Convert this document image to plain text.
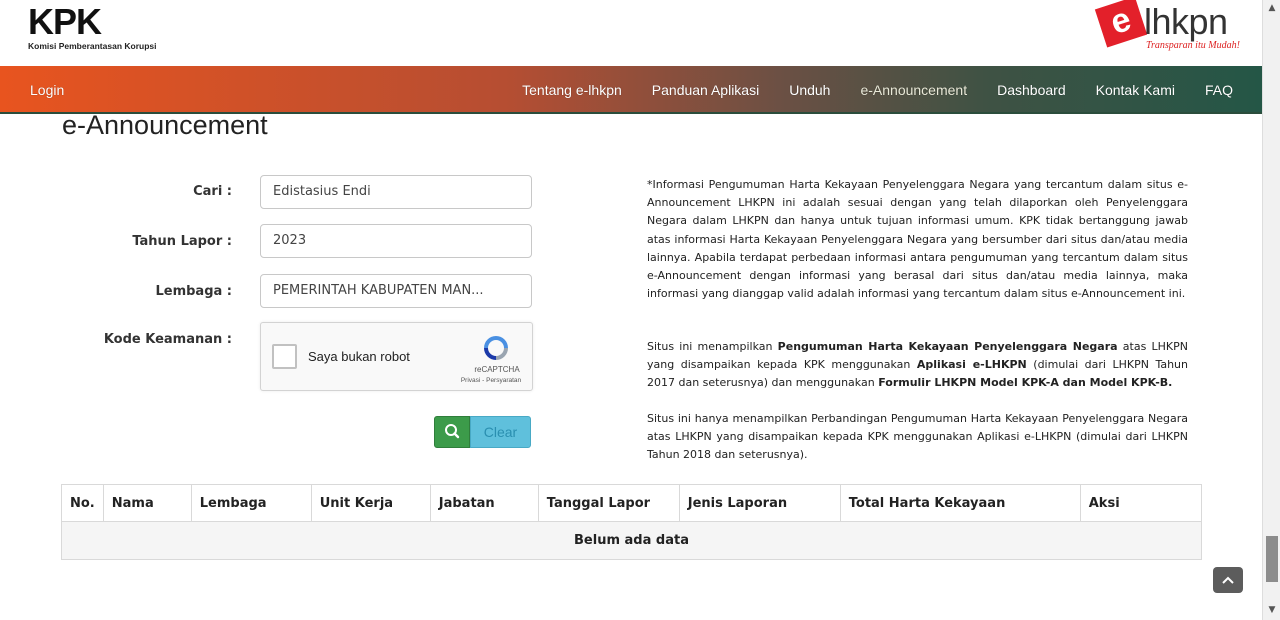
KPK
Komisi Pemberantasan Korupsi
e lhkpn
Transparan itu Mudah!
Login	Tentang e-lhkpn	Panduan Aplikasi	Unduh	e-Announcement	Dashboard	Kontak Kami	FAQ
e-Announcement
Cari :	Edistasius Endi
Tahun Lapor :	2023
Lembaga :	PEMERINTAH KABUPATEN MAN...
Kode Keamanan :
Saya bukan robot
reCAPTCHA
Privasi - Persyaratan
Clear
*Informasi Pengumuman Harta Kekayaan Penyelenggara Negara yang tercantum dalam situs e-Announcement LHKPN ini adalah sesuai dengan yang telah dilaporkan oleh Penyelenggara Negara dalam LHKPN dan hanya untuk tujuan informasi umum. KPK tidak bertanggung jawab atas informasi Harta Kekayaan Penyelenggara Negara yang bersumber dari situs dan/atau media lainnya. Apabila terdapat perbedaan informasi antara pengumuman yang tercantum dalam situs e-Announcement dengan informasi yang berasal dari situs dan/atau media lainnya, maka informasi yang dianggap valid adalah informasi yang tercantum dalam situs e-Announcement ini.
Situs ini menampilkan Pengumuman Harta Kekayaan Penyelenggara Negara atas LHKPN yang disampaikan kepada KPK menggunakan Aplikasi e-LHKPN (dimulai dari LHKPN Tahun 2017 dan seterusnya) dan menggunakan Formulir LHKPN Model KPK-A dan Model KPK-B.
Situs ini hanya menampilkan Perbandingan Pengumuman Harta Kekayaan Penyelenggara Negara atas LHKPN yang disampaikan kepada KPK menggunakan Aplikasi e-LHKPN (dimulai dari LHKPN Tahun 2018 dan seterusnya).
No.	Nama	Lembaga	Unit Kerja	Jabatan	Tanggal Lapor	Jenis Laporan	Total Harta Kekayaan	Aksi
Belum ada data
▲
▼
